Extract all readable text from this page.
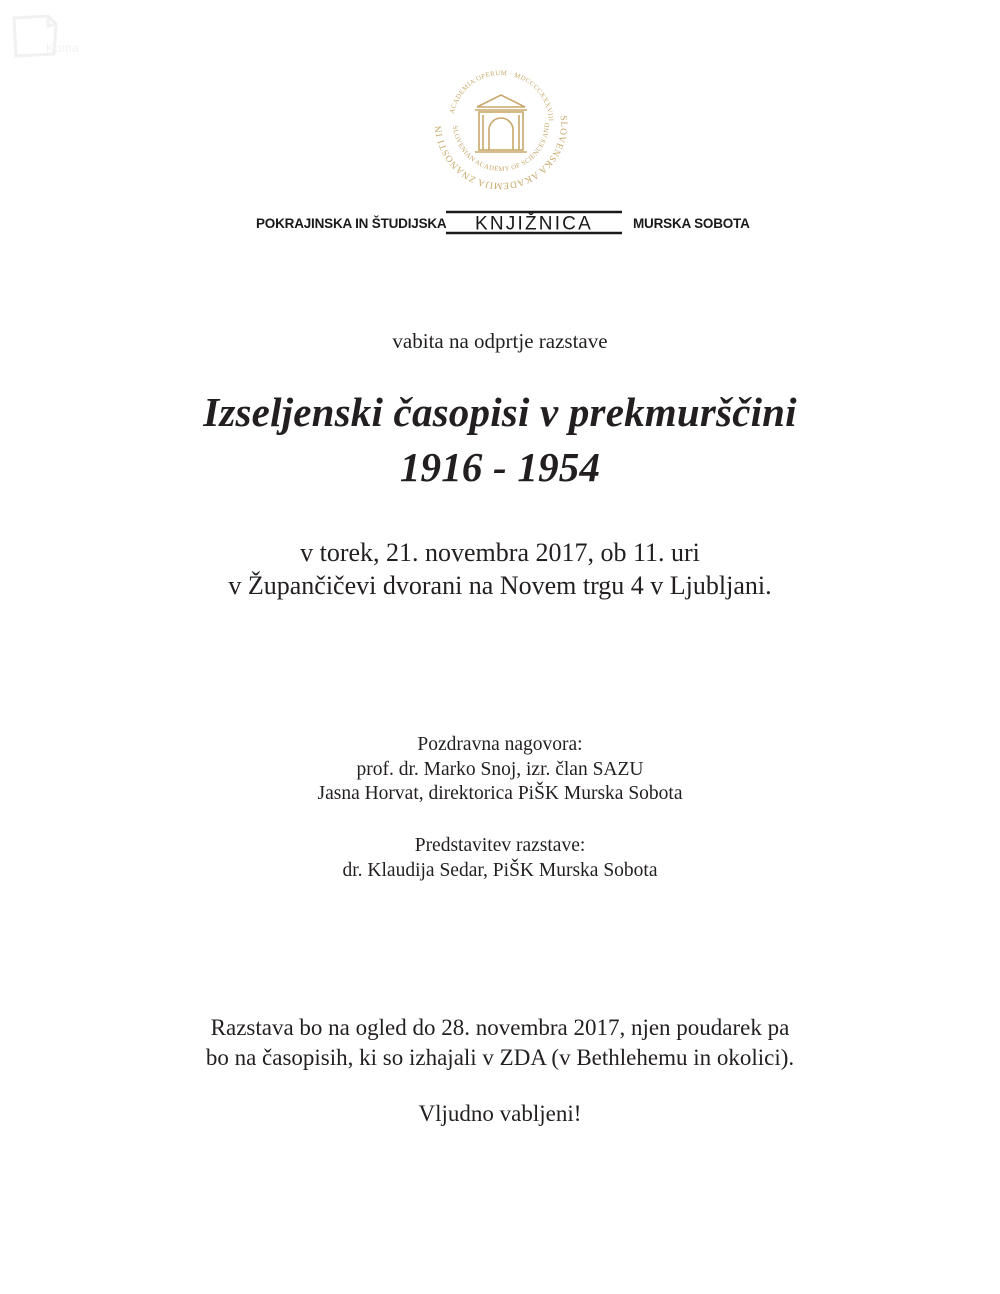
Koma
SLOVENSKA AKADEMIJA ZNANOSTI IN
ACADEMIA OPERUM · MDCCCCXXXVIII
SLOVENIAN ACADEMY OF SCIENCES AND
POKRAJINSKA IN ŠTUDIJSKA KNJIŽNICA	MURSKA SOBOTA
vabita na odprtje razstave
Izseljenski časopisi v prekmurščini
1916 - 1954
v torek, 21. novembra 2017, ob 11. uri
v Župančičevi dvorani na Novem trgu 4 v Ljubljani.
Pozdravna nagovora:
prof. dr. Marko Snoj, izr. član SAZU
Jasna Horvat, direktorica PiŠK Murska Sobota
Predstavitev razstave:
dr. Klaudija Sedar, PiŠK Murska Sobota
Razstava bo na ogled do 28. novembra 2017, njen poudarek pa
bo na časopisih, ki so izhajali v ZDA (v Bethlehemu in okolici).
Vljudno vabljeni!
